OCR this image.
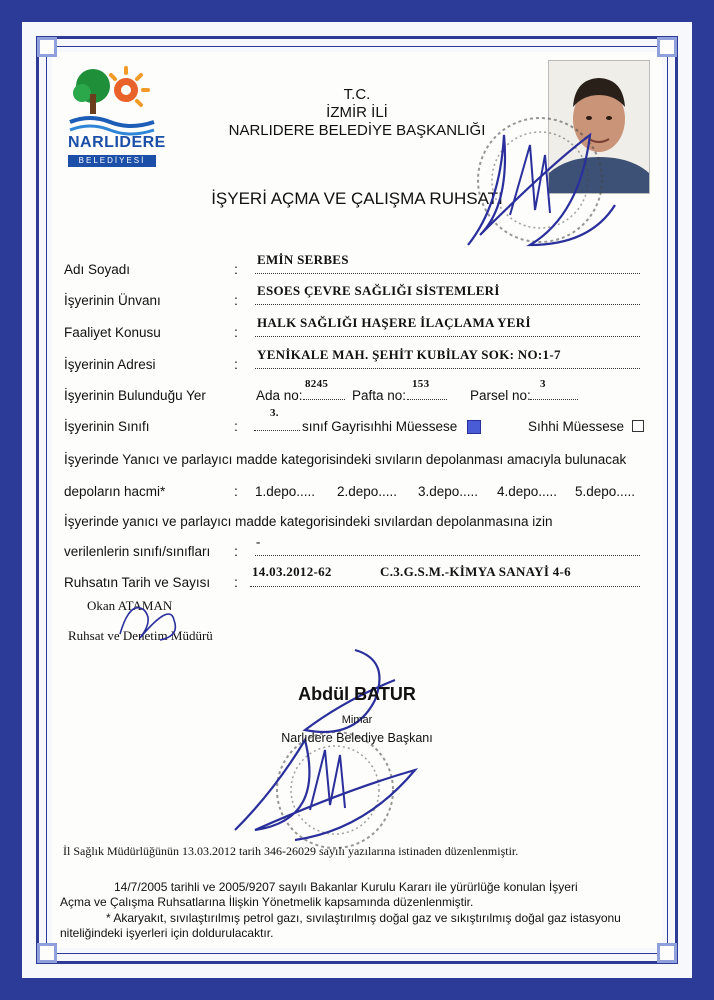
NARLIDERE
BELEDİYESİ
T.C.
İZMİR İLİ
NARLIDERE BELEDİYE BAŞKANLIĞI
İŞYERİ AÇMA VE ÇALIŞMA RUHSATI
Adı Soyadı	:
EMİN SERBES
İşyerinin Ünvanı	:
ESOES ÇEVRE SAĞLIĞI SİSTEMLERİ
Faaliyet Konusu	:
HALK SAĞLIĞI HAŞERE İLAÇLAMA YERİ
İşyerinin Adresi	:
YENİKALE MAH. ŞEHİT KUBİLAY SOK: NO:1-7
İşyerinin Bulunduğu Yer	Ada no:
8245
Pafta no:
153
Parsel no:
3
İşyerinin Sınıfı	:
3.
sınıf Gayrisıhhi Müessese	Sıhhi Müessese
İşyerinde Yanıcı ve parlayıcı madde kategorisindeki sıvıların depolanması amacıyla bulunacak
depoların hacmi*	: 1.depo..... 2.depo..... 3.depo..... 4.depo..... 5.depo.....
İşyerinde yanıcı ve parlayıcı madde kategorisindeki sıvılardan depolanmasına izin
verilenlerin sınıfı/sınıfları :
-
Ruhsatın Tarih ve Sayısı :
14.03.2012-62	C.3.G.S.M.-KİMYA SANAYİ 4-6
Okan ATAMAN
Ruhsat ve Denetim Müdürü
Abdül BATUR
Mimar
Narlıdere Belediye Başkanı
İl Sağlık Müdürlüğünün 13.03.2012 tarih 346-26029 sayılı yazılarına istinaden düzenlenmiştir.
14/7/2005 tarihli ve 2005/9207 sayılı Bakanlar Kurulu Kararı ile yürürlüğe konulan İşyeri
Açma ve Çalışma Ruhsatlarına İlişkin Yönetmelik kapsamında düzenlenmiştir.
* Akaryakıt, sıvılaştırılmış petrol gazı, sıvılaştırılmış doğal gaz ve sıkıştırılmış doğal gaz istasyonu
niteliğindeki işyerleri için doldurulacaktır.
